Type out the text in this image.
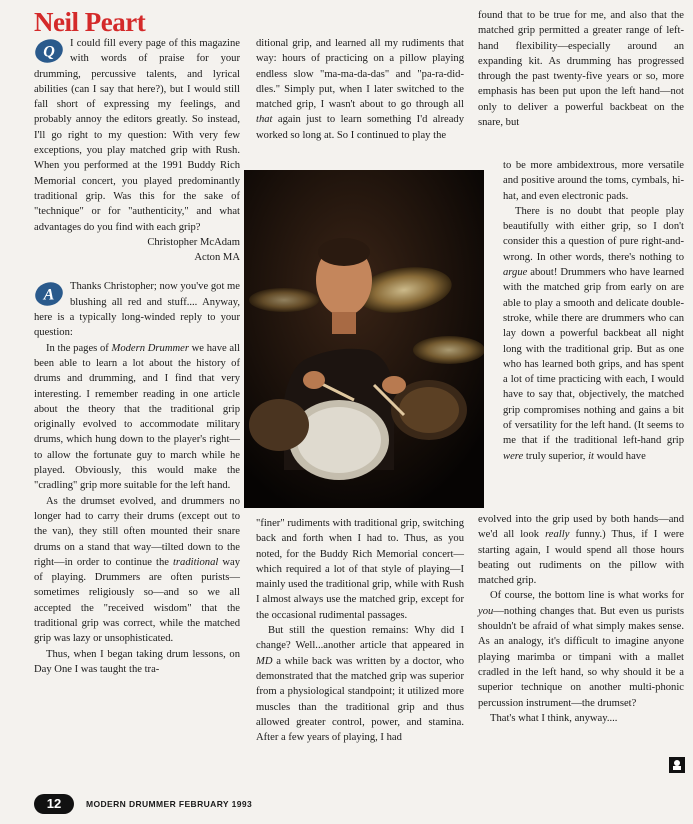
Neil Peart

Q I could fill every page of this magazine with words of praise for your drumming, percussive talents, and lyrical abilities (can I say that here?), but I would still fall short of expressing my feelings, and probably annoy the editors greatly. So instead, I'll go right to my question: With very few exceptions, you play matched grip with Rush. When you performed at the 1991 Buddy Rich Memorial concert, you played predominantly traditional grip. Was this for the sake of "technique" or for "authenticity," and what advantages do you find with each grip?

Christopher McAdam

Acton MA

A Thanks Christopher; now you've got me blushing all red and stuff.... Anyway, here is a typically long-winded reply to your question:

In the pages of Modern Drummer we have all been able to learn a lot about the history of drums and drumming, and I find that very interesting. I remember reading in one article about the theory that the traditional grip originally evolved to accommodate military drums, which hung down to the player's right—to allow the fortunate guy to march while he played. Obviously, this would make the "cradling" grip more suitable for the left hand.

As the drumset evolved, and drummers no longer had to carry their drums (except out to the van), they still often mounted their snare drums on a stand that way—tilted down to the right—in order to continue the traditional way of playing. Drummers are often purists—sometimes religiously so—and so we all accepted the "received wisdom" that the traditional grip was correct, while the matched grip was lazy or unsophisticated.

Thus, when I began taking drum lessons, on Day One I was taught the tra-

ditional grip, and learned all my rudiments that way: hours of practicing on a pillow playing endless slow "ma-ma-da-das" and "pa-ra-did-dles." Simply put, when I later switched to the matched grip, I wasn't about to go through all that again just to learn something I'd already worked so long at. So I continued to play the

"finer" rudiments with traditional grip, switching back and forth when I had to. Thus, as you noted, for the Buddy Rich Memorial concert—which required a lot of that style of playing—I mainly used the traditional grip, while with Rush I almost always use the matched grip, except for the occasional rudimental passages.

But still the question remains: Why did I change? Well...another article that appeared in MD a while back was written by a doctor, who demonstrated that the matched grip was superior from a physiological standpoint; it utilized more muscles than the traditional grip and thus allowed greater control, power, and stamina. After a few years of playing, I had

found that to be true for me, and also that the matched grip permitted a greater range of left-hand flexibility—especially around an expanding kit. As drumming has progressed through the past twenty-five years or so, more emphasis has been put upon the left hand—not only to deliver a powerful backbeat on the snare, but

to be more ambidextrous, more versatile and positive around the toms, cymbals, hi-hat, and even electronic pads.

There is no doubt that people play beautifully with either grip, so I don't consider this a question of pure right-and-wrong. In other words, there's nothing to argue about! Drummers who have learned with the matched grip from early on are able to play a smooth and delicate double-stroke, while there are drummers who can lay down a powerful backbeat all night long with the traditional grip. But as one who has learned both grips, and has spent a lot of time practicing with each, I would have to say that, objectively, the matched grip compromises nothing and gains a bit of versatility for the left hand. (It seems to me that if the traditional left-hand grip were truly superior, it would have

evolved into the grip used by both hands—and we'd all look really funny.) Thus, if I were starting again, I would spend all those hours beating out rudiments on the pillow with matched grip.

Of course, the bottom line is what works for you—nothing changes that. But even us purists shouldn't be afraid of what simply makes sense. As an analogy, it's difficult to imagine anyone playing marimba or timpani with a mallet cradled in the left hand, so why should it be a superior technique on another multi-phonic percussion instrument—the drumset?

That's what I think, anyway....

12	MODERN DRUMMER FEBRUARY 1993
